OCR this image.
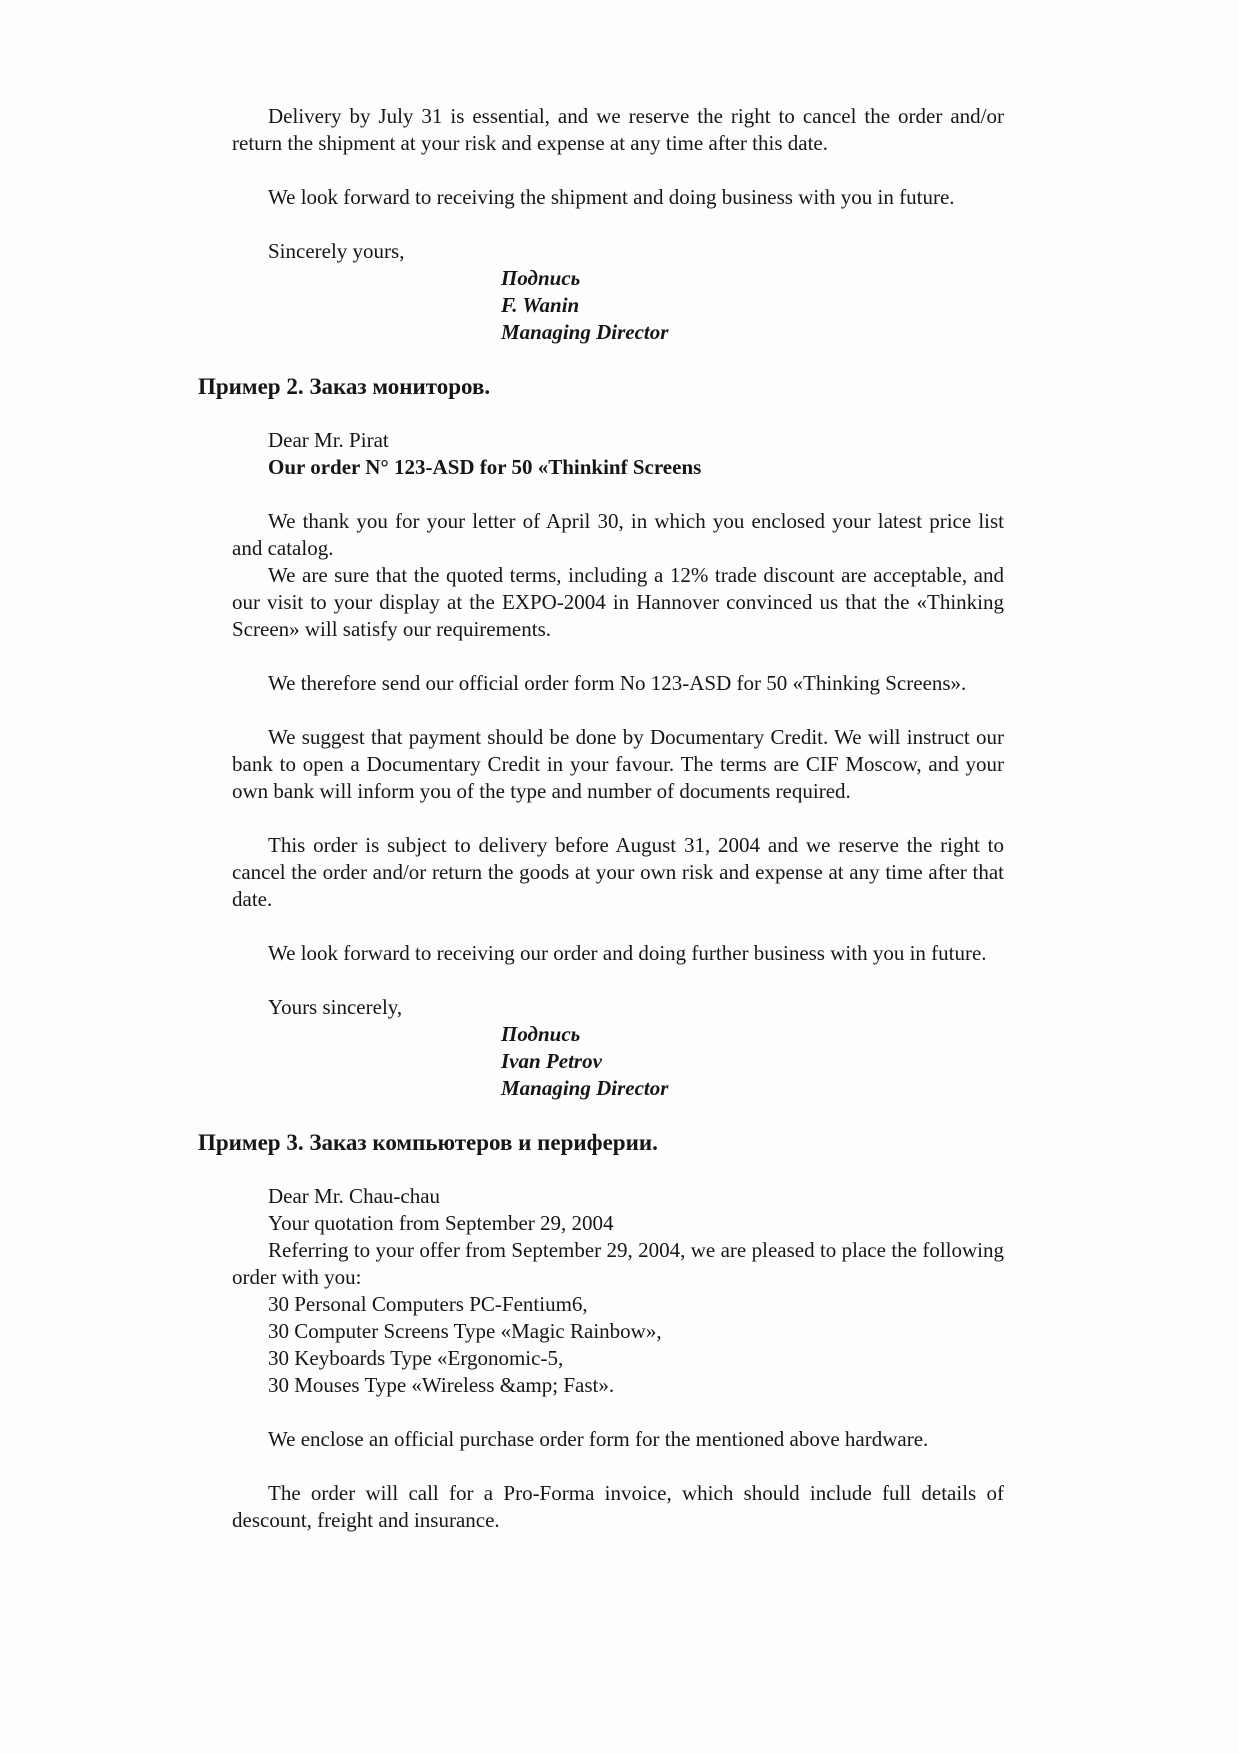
Delivery by July 31 is essential, and we reserve the right to cancel the order and/or return the shipment at your risk and expense at any time after this date.

We look forward to receiving the shipment and doing business with you in future.

Sincerely yours,

Подпись
F. Wanin
Managing Director
Пример 2. Заказ мониторов.

Dear Mr. Pirat

Our order N° 123-ASD for 50 «Thinkinf Screens

We thank you for your letter of April 30, in which you enclosed your latest price list and catalog.

We are sure that the quoted terms, including a 12% trade discount are acceptable, and our visit to your display at the EXPO-2004 in Hannover convinced us that the «Thinking Screen» will satisfy our requirements.

We therefore send our official order form No 123-ASD for 50 «Thinking Screens».

We suggest that payment should be done by Documentary Credit. We will instruct our bank to open a Documentary Credit in your favour. The terms are CIF Moscow, and your own bank will inform you of the type and number of documents required.

This order is subject to delivery before August 31, 2004 and we reserve the right to cancel the order and/or return the goods at your own risk and expense at any time after that date.

We look forward to receiving our order and doing further business with you in future.

Yours sincerely,

Подпись
Ivan Petrov
Managing Director
Пример 3. Заказ компьютеров и периферии.

Dear Mr. Chau-chau

Your quotation from September 29, 2004

Referring to your offer from September 29, 2004, we are pleased to place the following order with you:

30 Personal Computers PC-Fentium6,
30 Computer Screens Type «Magic Rainbow»,
30 Keyboards Type «Ergonomic-5,
30 Mouses Type «Wireless &amp; Fast».

We enclose an official purchase order form for the mentioned above hardware.

The order will call for a Pro-Forma invoice, which should include full details of descount, freight and insurance.
